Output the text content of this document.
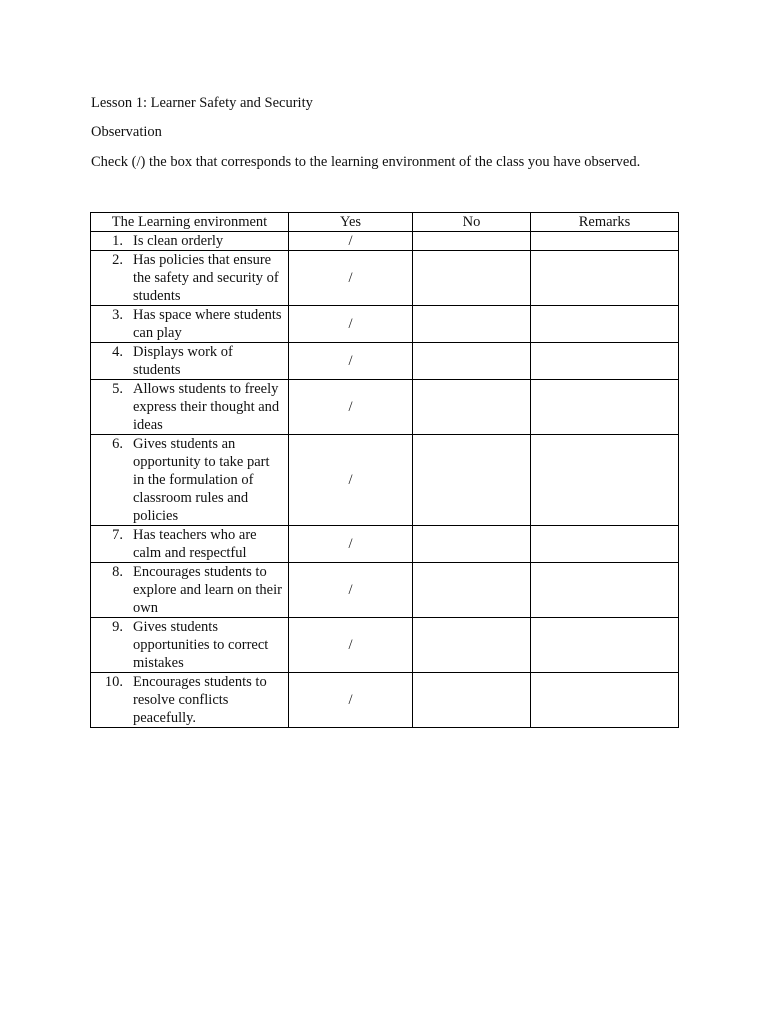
Lesson 1: Learner Safety and Security
Observation
Check (/) the box that corresponds to the learning environment of the class you have observed.
The Learning environment	Yes	No	Remarks

1. Is clean orderly	/		

2. Has policies that ensure the safety and security of students	/		

3. Has space where students can play	/		

4. Displays work of students	/		

5. Allows students to freely express their thought and ideas	/		

6. Gives students an opportunity to take part in the formulation of classroom rules and policies	/		

7. Has teachers who are calm and respectful	/		

8. Encourages students to explore and learn on their own	/		

9. Gives students opportunities to correct mistakes	/		

10. Encourages students to resolve conflicts peacefully.	/		
